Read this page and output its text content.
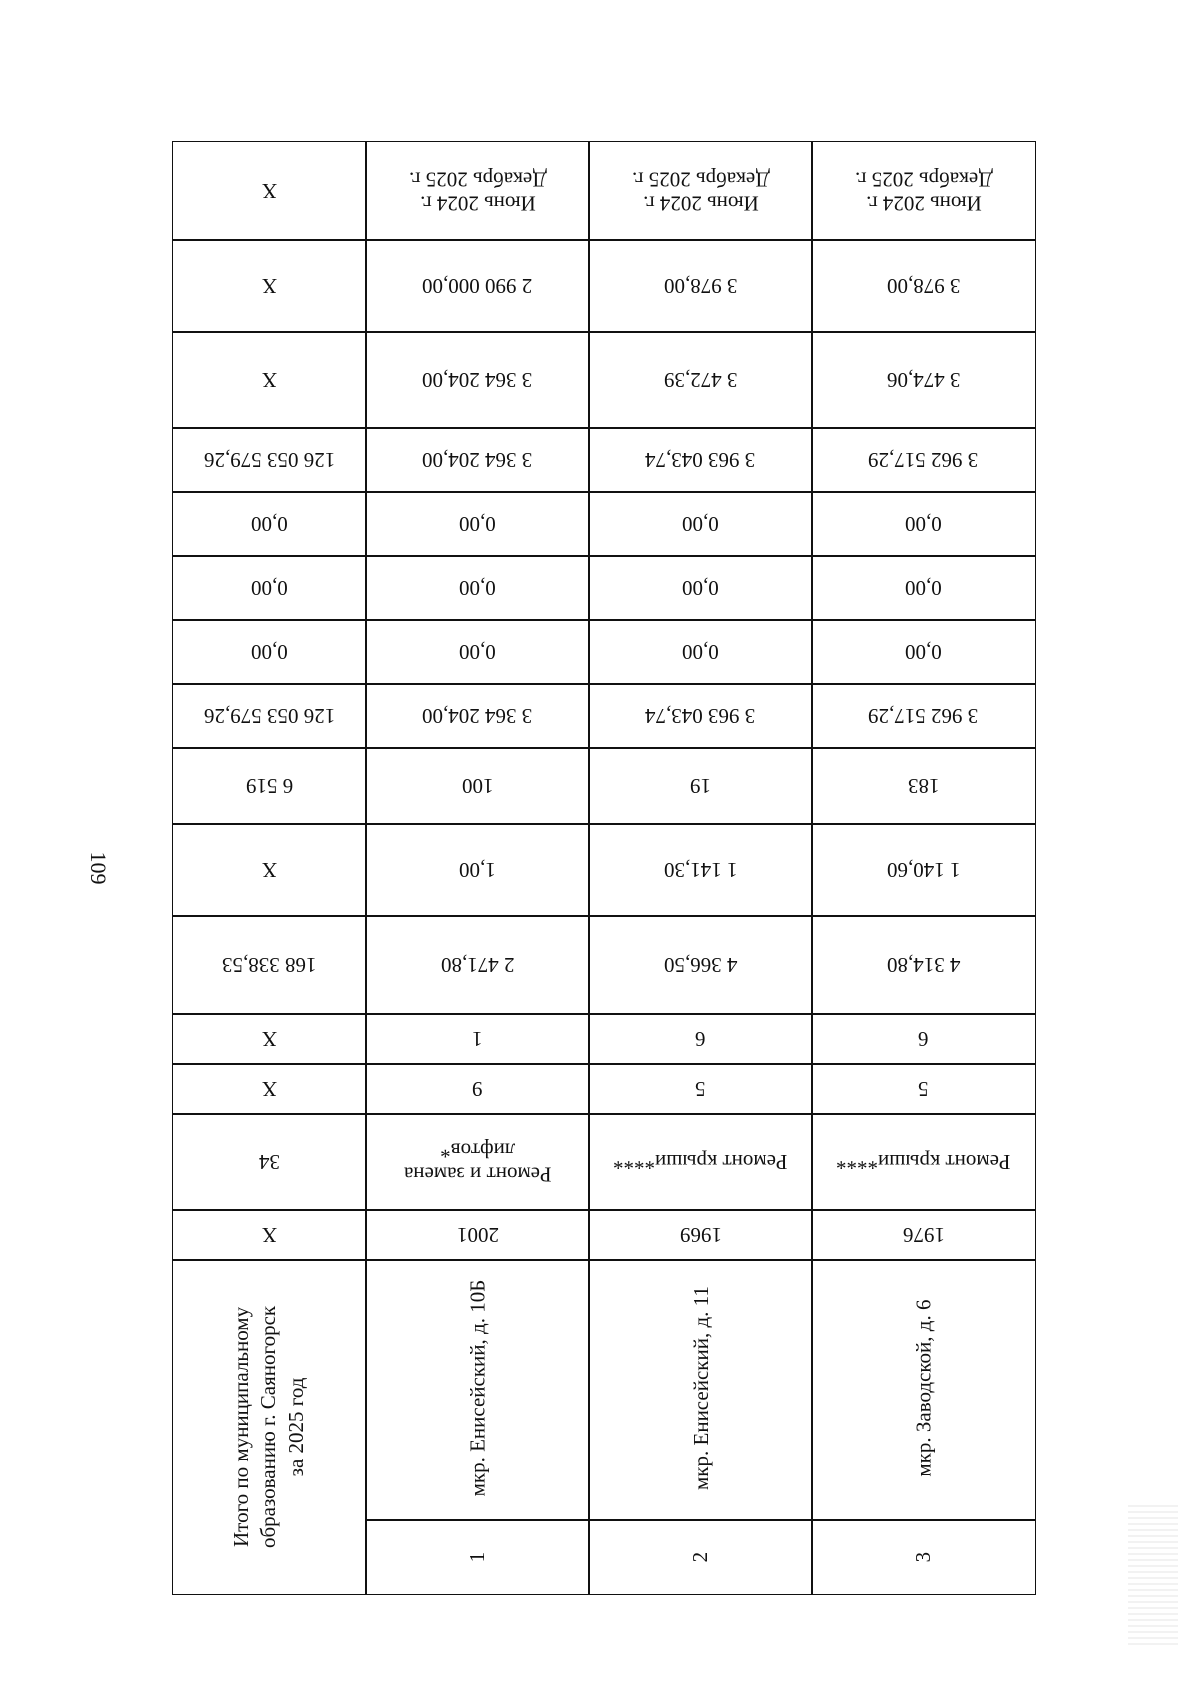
109
X
X
X
126 053 579,26
0,00
0,00
0,00
126 053 579,26
6 519
X
168 338,53
X
X
34
X
Итого по муниципальному образованию г. Саяногорск за 2025 год
Июнь 2024 г.
Декабрь 2025 г.
2 990 000,00
3 364 204,00
3 364 204,00
0,00
0,00
0,00
3 364 204,00
100
1,00
2 471,80
1
9
Ремонт и замена
лифтов*
2001
мкр. Енисейский, д. 10Б
1
Июнь 2024 г.
Декабрь 2025 г.
3 978,00
3 472,39
3 963 043,74
0,00
0,00
0,00
3 963 043,74
19
1 141,30
4 366,50
6
5
Ремонт крыши****
1969
мкр. Енисейский, д. 11
2
Июнь 2024 г.
Декабрь 2025 г.
3 978,00
3 474,06
3 962 517,29
0,00
0,00
0,00
3 962 517,29
183
1 140,60
4 314,80
6
5
Ремонт крыши****
1976
мкр. Заводской, д. 6
3
